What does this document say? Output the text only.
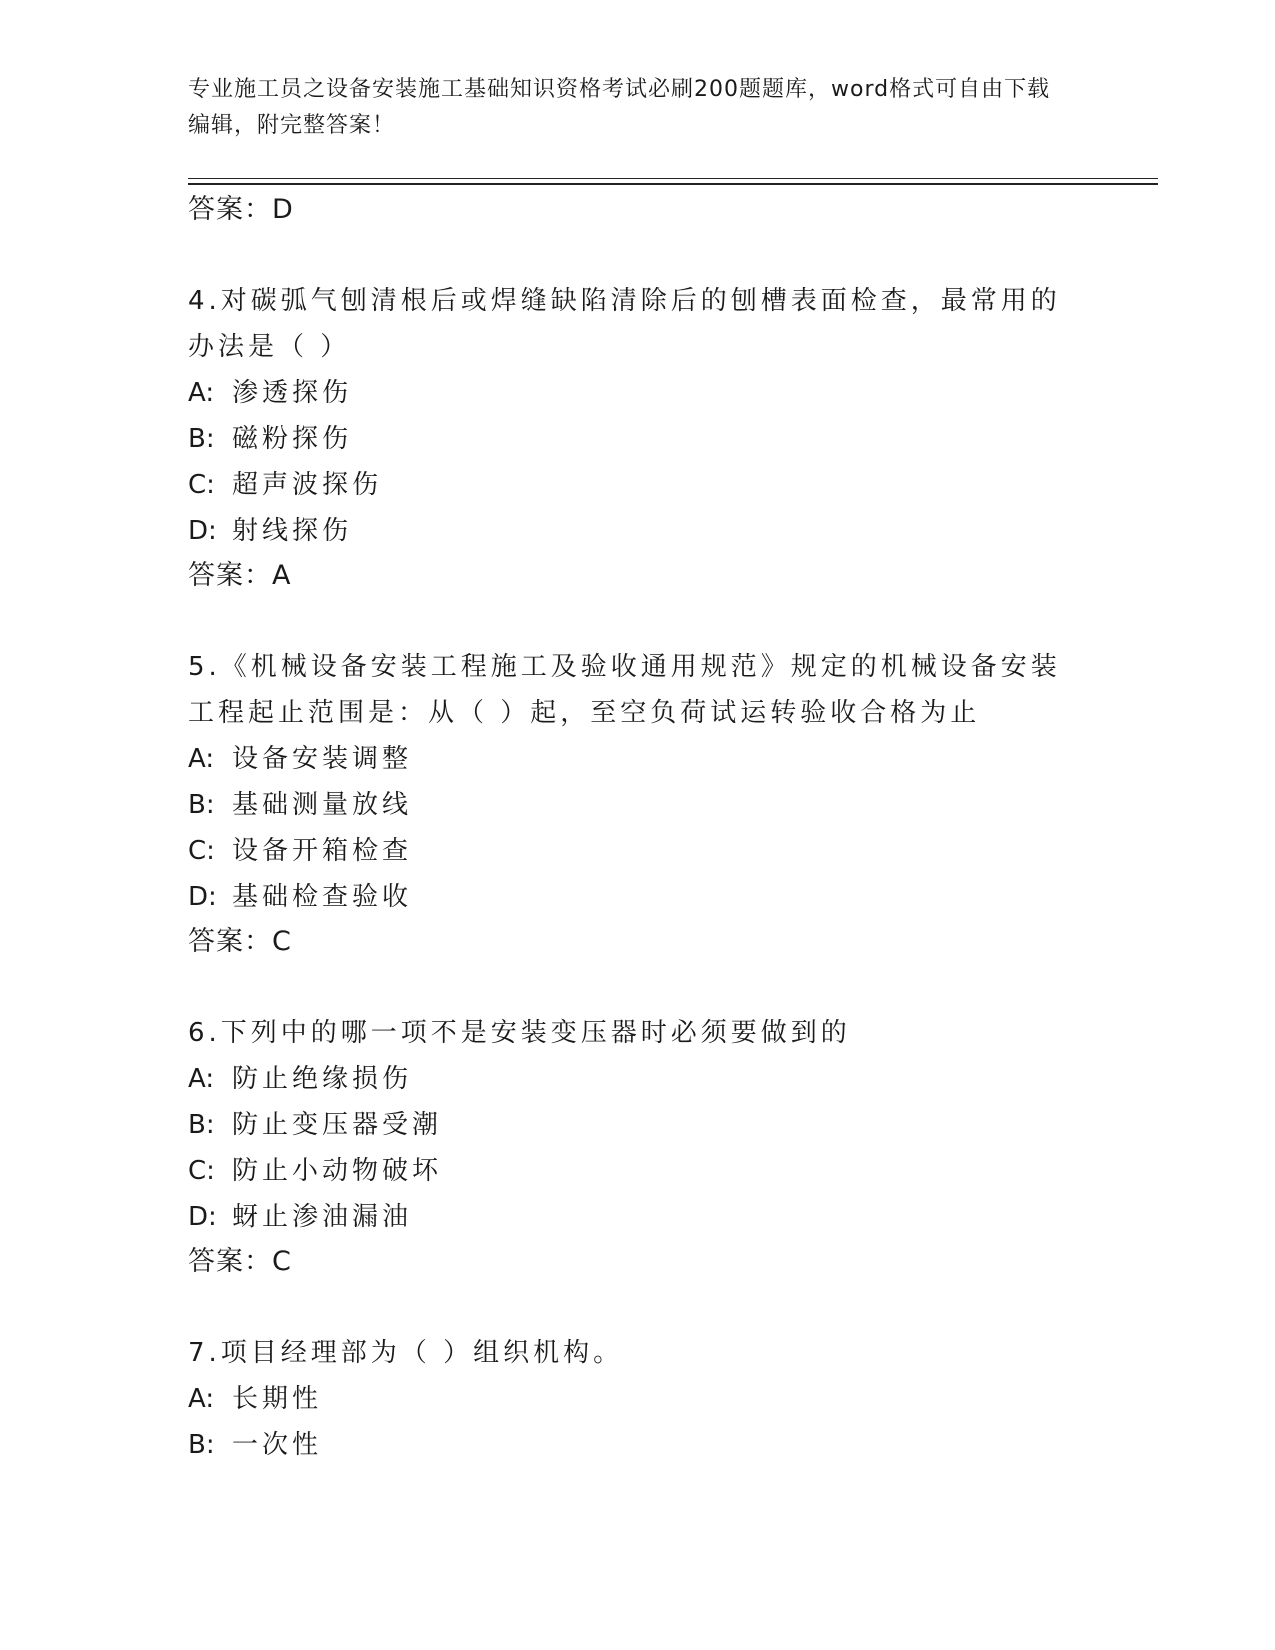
专业施工员之设备安装施工基础知识资格考试必刷200题题库，word格式可自由下载编辑，附完整答案！
答案：D
4.对碳弧气刨清根后或焊缝缺陷清除后的刨槽表面检查，最常用的办法是（ ）
A: 渗透探伤
B: 磁粉探伤
C: 超声波探伤
D: 射线探伤
答案：A
5.《机械设备安装工程施工及验收通用规范》规定的机械设备安装工程起止范围是：从（ ）起，至空负荷试运转验收合格为止
A: 设备安装调整
B: 基础测量放线
C: 设备开箱检查
D: 基础检查验收
答案：C
6.下列中的哪一项不是安装变压器时必须要做到的
A: 防止绝缘损伤
B: 防止变压器受潮
C: 防止小动物破坏
D: 蚜止渗油漏油
答案：C
7.项目经理部为（ ）组织机构。
A: 长期性
B: 一次性
